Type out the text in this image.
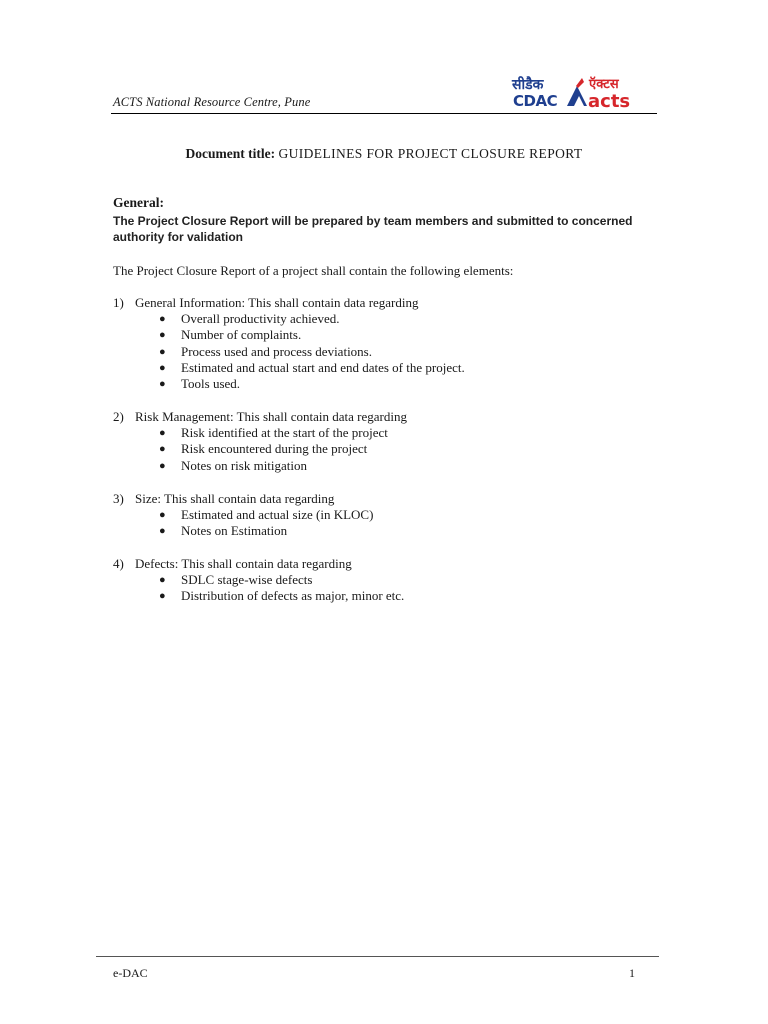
ACTS National Resource Centre, Pune
सीडैक
CDAC
ऍक्टस
acts
Document title: GUIDELINES FOR PROJECT CLOSURE REPORT
General:
The Project Closure Report will be prepared by team members and submitted to concerned authority for validation
The Project Closure Report of a project shall contain the following elements:
1) General Information: This shall contain data regarding
● Overall productivity achieved.
● Number of complaints.
● Process used and process deviations.
● Estimated and actual start and end dates of the project.
● Tools used.
2) Risk Management: This shall contain data regarding
● Risk identified at the start of the project
● Risk encountered during the project
● Notes on risk mitigation
3) Size: This shall contain data regarding
● Estimated and actual size (in KLOC)
● Notes on Estimation
4) Defects: This shall contain data regarding
● SDLC stage-wise defects
● Distribution of defects as major, minor etc.
e-DAC	1
